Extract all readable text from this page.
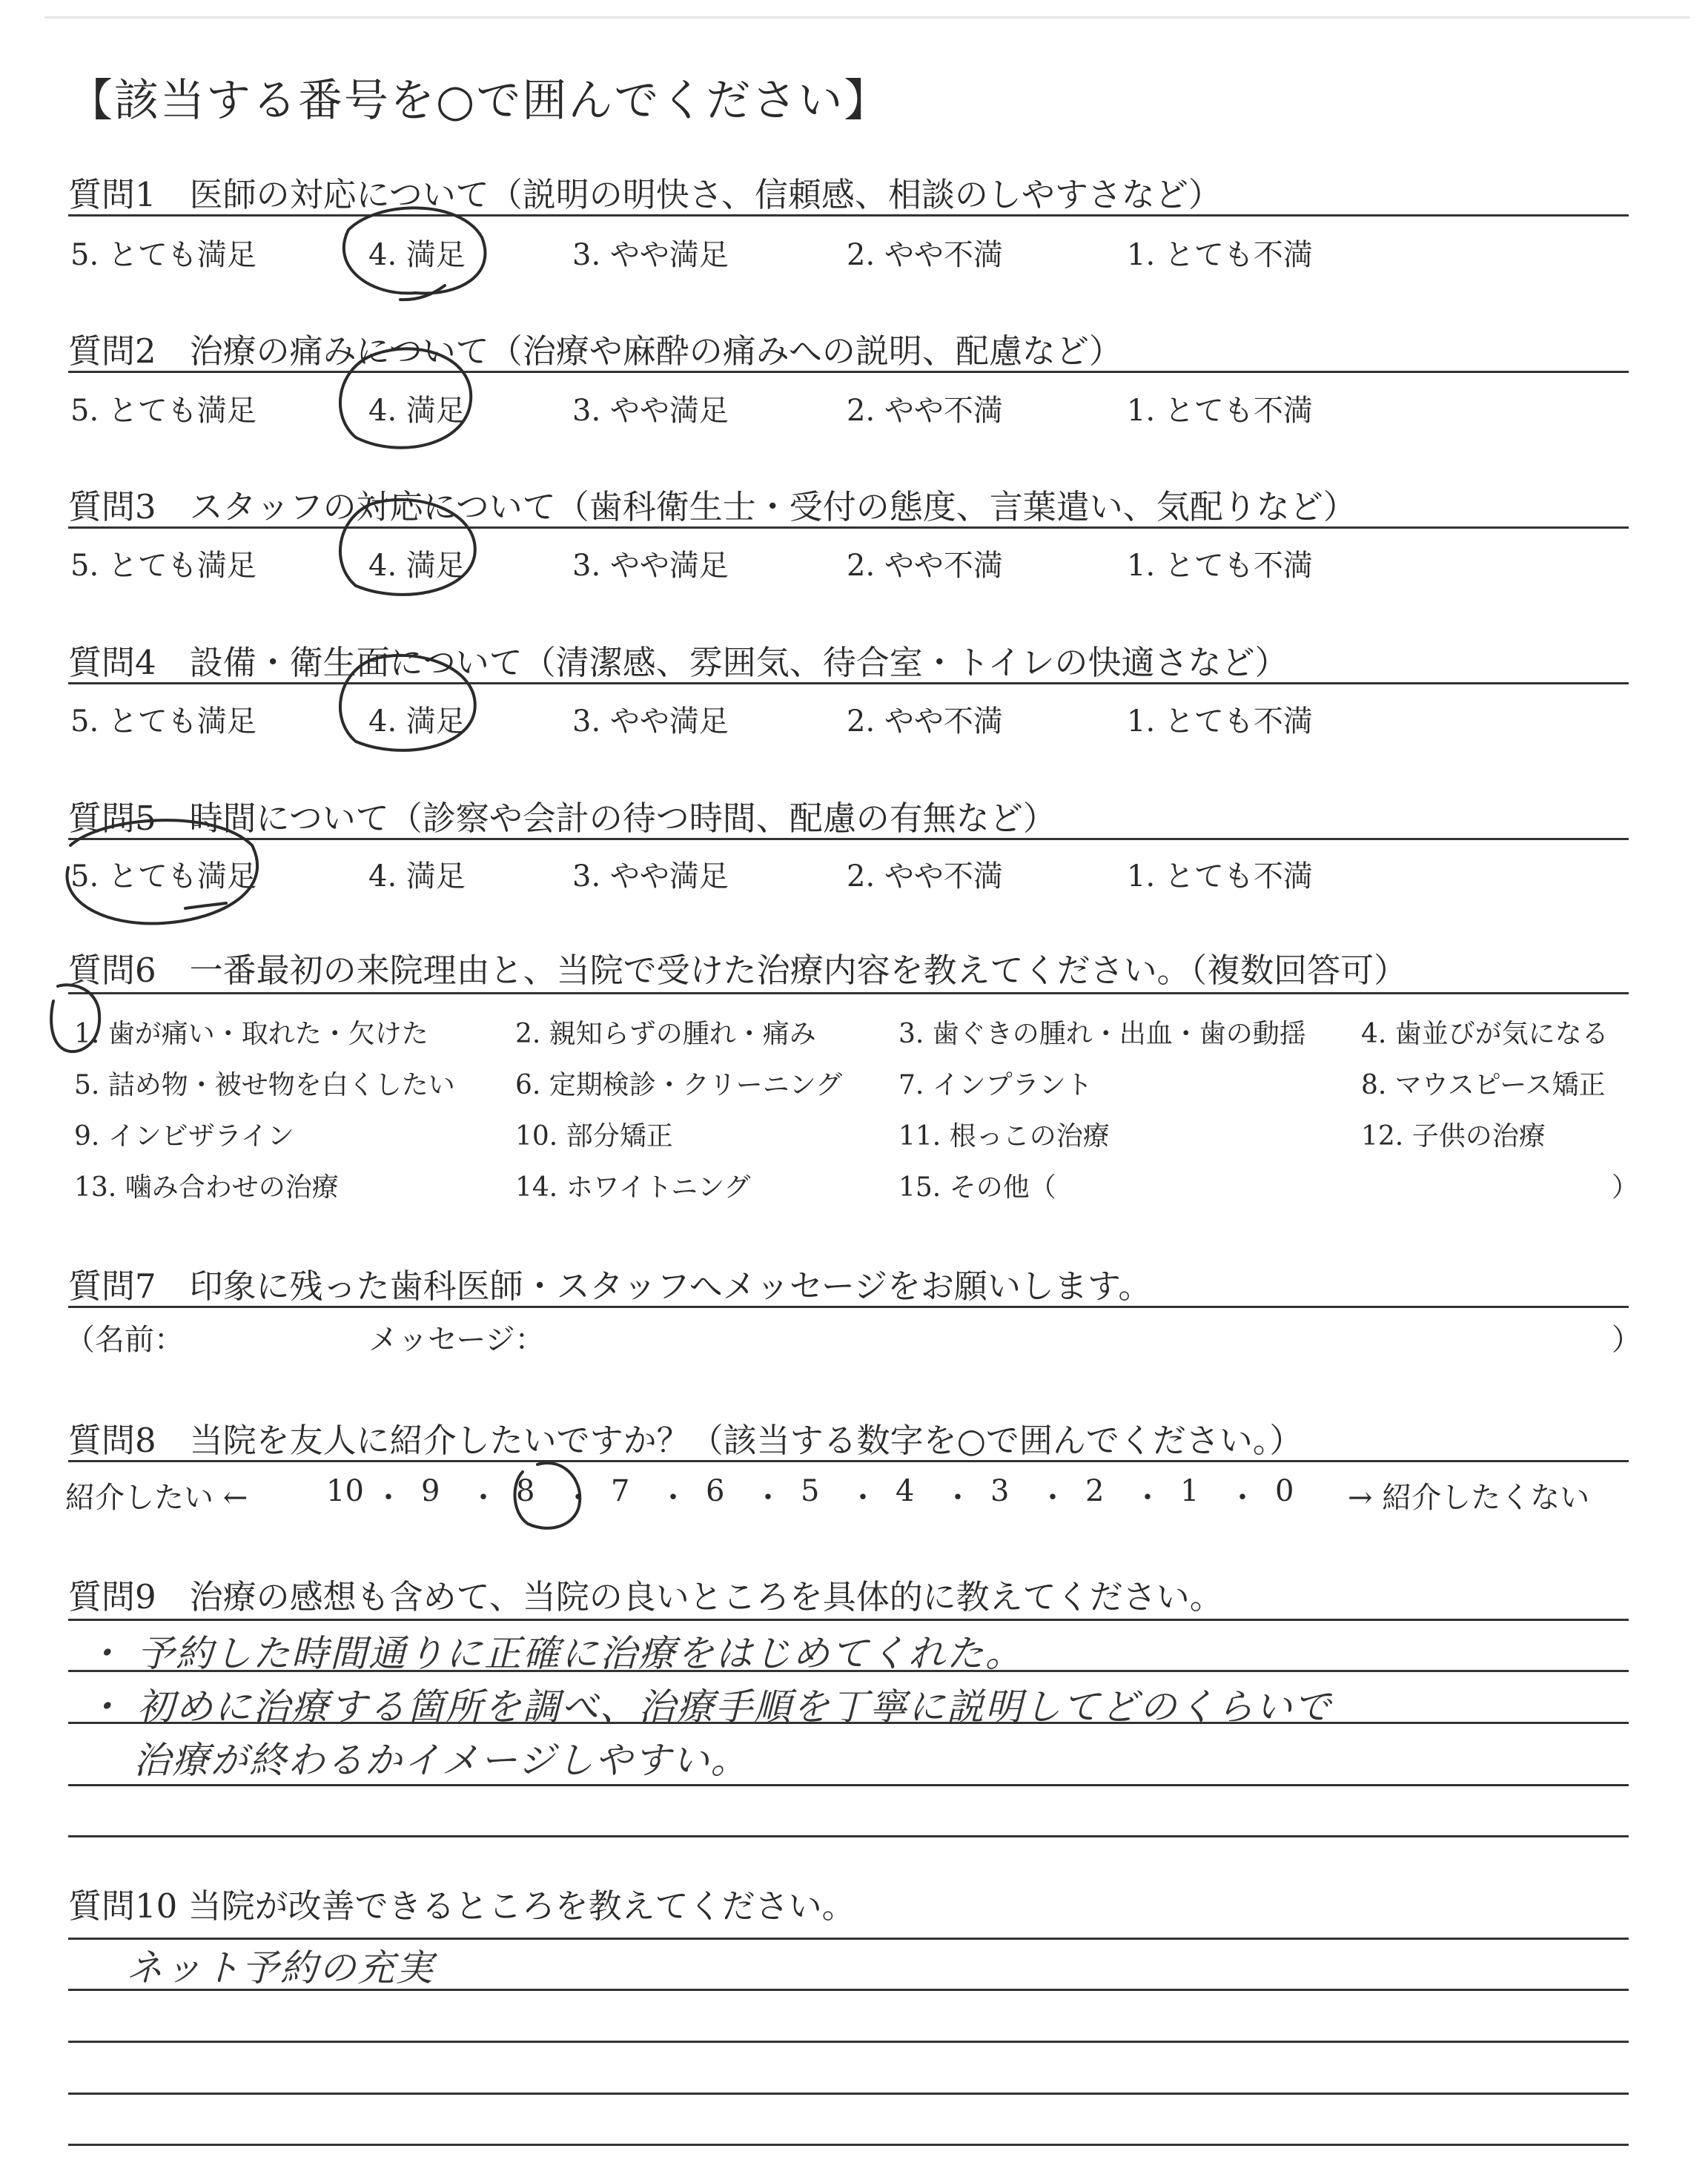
【該当する番号を○で囲んでください】
質問1　医師の対応について（説明の明快さ、信頼感、相談のしやすさなど）
5. とても満足	4. 満足	3. やや満足	2. やや不満	1. とても不満
質問2　治療の痛みについて（治療や麻酔の痛みへの説明、配慮など）
5. とても満足	4. 満足	3. やや満足	2. やや不満	1. とても不満
質問3　スタッフの対応について（歯科衛生士・受付の態度、言葉遣い、気配りなど）
5. とても満足	4. 満足	3. やや満足	2. やや不満	1. とても不満
質問4　設備・衛生面について（清潔感、雰囲気、待合室・トイレの快適さなど）
5. とても満足	4. 満足	3. やや満足	2. やや不満	1. とても不満
質問5　時間について（診察や会計の待つ時間、配慮の有無など）
5. とても満足	4. 満足	3. やや満足	2. やや不満	1. とても不満
質問6　一番最初の来院理由と、当院で受けた治療内容を教えてください。（複数回答可）
1. 歯が痛い・取れた・欠けた	2. 親知らずの腫れ・痛み	3. 歯ぐきの腫れ・出血・歯の動揺 4. 歯並びが気になる
5. 詰め物・被せ物を白くしたい 6. 定期検診・クリーニング 7. インプラント	8. マウスピース矯正
9. インビザライン	10. 部分矯正	11. 根っこの治療	12. 子供の治療
13. 噛み合わせの治療	14. ホワイトニング	15. その他（	）
質問7　印象に残った歯科医師・スタッフへメッセージをお願いします。
（名前：	メッセージ：	）
質問8　当院を友人に紹介したいですか？（該当する数字を○で囲んでください。）
紹介したい ←	10 ・ 9 ・ 8 ・ 7 ・ 6 ・ 5 ・ 4 ・ 3 ・ 2 ・ 1 ・ 0 → 紹介したくない
質問9　治療の感想も含めて、当院の良いところを具体的に教えてください。
・ 予約した時間通りに正確に治療をはじめてくれた。
・ 初めに治療する箇所を調べ、治療手順を丁寧に説明してどのくらいで
治療が終わるかイメージしやすい。
質問10 当院が改善できるところを教えてください。
ネット予約の充実
